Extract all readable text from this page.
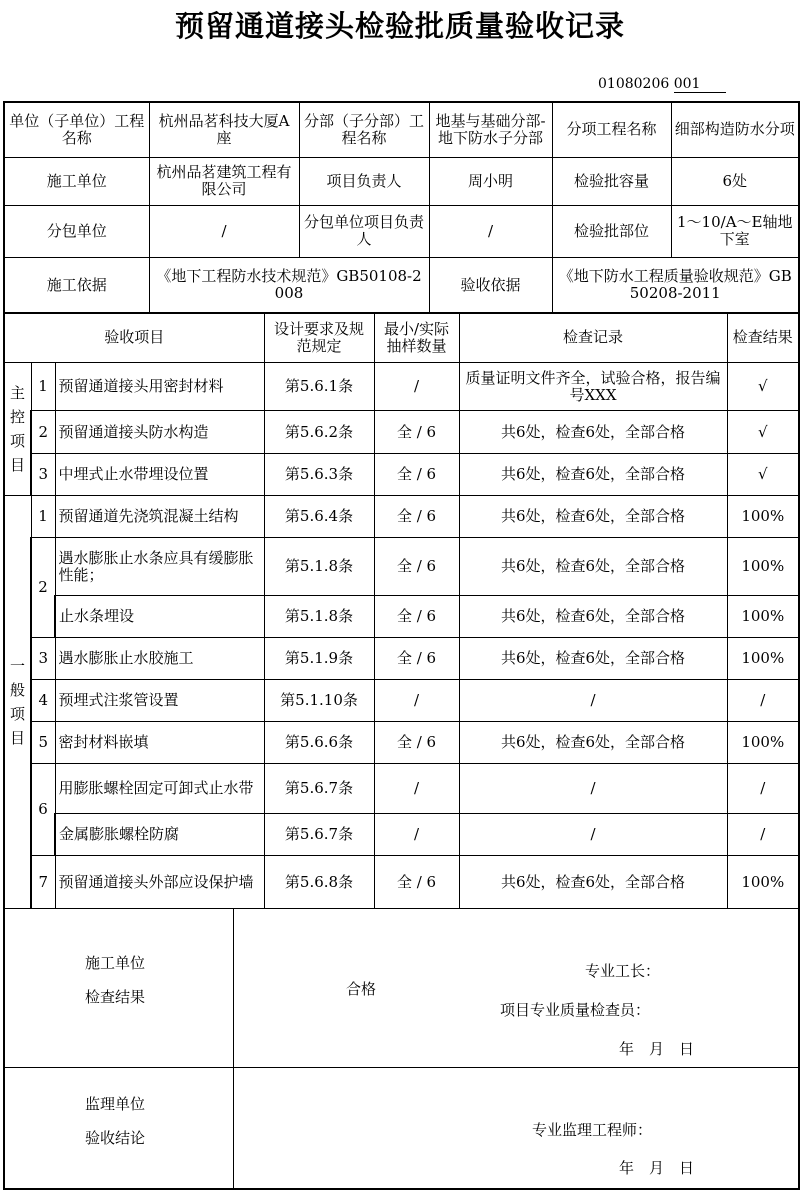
预留通道接头检验批质量验收记录
01080206 001
单位（子单位）工程名称	杭州品茗科技大厦A座	分部（子分部）工程名称	地基与基础分部-地下防水子分部	分项工程名称	细部构造防水分项
施工单位	杭州品茗建筑工程有限公司	项目负责人	周小明	检验批容量	6处
分包单位	/	分包单位项目负责人	/	检验批部位	1～10/A～E轴地下室
施工依据	《地下工程防水技术规范》GB50108-2008		验收依据	《地下防水工程质量验收规范》GB50208-2011	
验收项目			设计要求及规范规定	最小/实际抽样数量	检查记录	检查结果
主控项目	1	预留通道接头用密封材料	第5.6.1条	/	质量证明文件齐全，试验合格，报告编号XXX	√
	2	预留通道接头防水构造	第5.6.2条	全 / 6	共6处，检查6处，全部合格	√
	3	中埋式止水带埋设位置	第5.6.3条	全 / 6	共6处，检查6处，全部合格	√
一般项目	1	预留通道先浇筑混凝土结构	第5.6.4条	全 / 6	共6处，检查6处，全部合格	100%
	2	遇水膨胀止水条应具有缓膨胀性能；	第5.1.8条	全 / 6	共6处，检查6处，全部合格	100%
		止水条埋设	第5.1.8条	全 / 6	共6处，检查6处，全部合格	100%
	3	遇水膨胀止水胶施工	第5.1.9条	全 / 6	共6处，检查6处，全部合格	100%
	4	预埋式注浆管设置	第5.1.10条	/	/	/
	5	密封材料嵌填	第5.6.6条	全 / 6	共6处，检查6处，全部合格	100%
	6	用膨胀螺栓固定可卸式止水带	第5.6.7条	/	/	/
		金属膨胀螺栓防腐	第5.6.7条	/	/	/
	7	预留通道接头外部应设保护墙	第5.6.8条	全 / 6	共6处，检查6处，全部合格	100%
施工单位
检查结果	合格
专业工长：
项目专业质量检查员：
年　月　日
监理单位
验收结论	专业监理工程师：
年　月　日
